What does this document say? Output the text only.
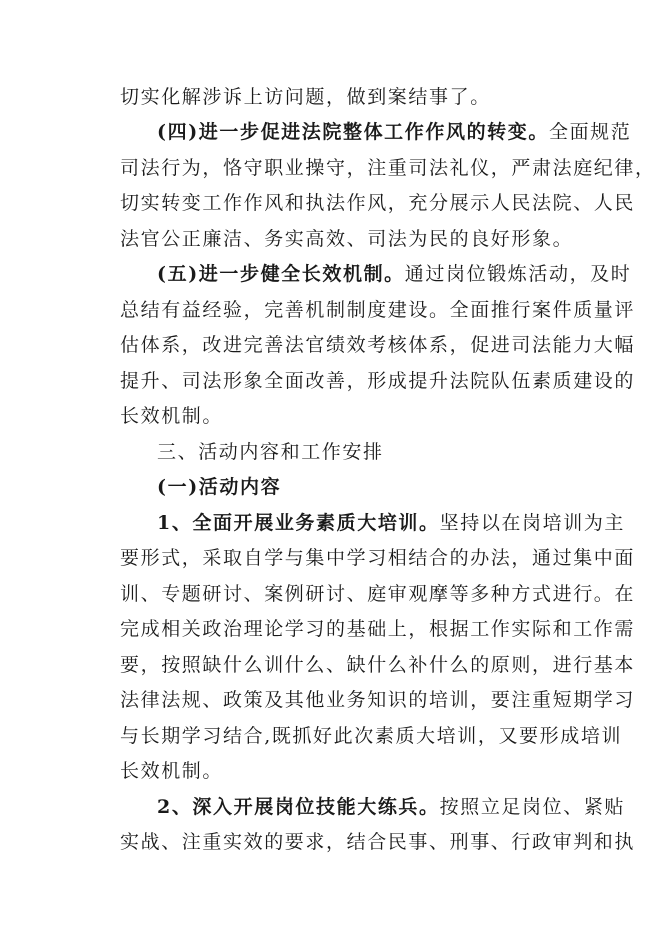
切实化解涉诉上访问题，做到案结事了。
(四)进一步促进法院整体工作作风的转变。全面规范
司法行为，恪守职业操守，注重司法礼仪，严肃法庭纪律，
切实转变工作作风和执法作风，充分展示人民法院、人民
法官公正廉洁、务实高效、司法为民的良好形象。
(五)进一步健全长效机制。通过岗位锻炼活动，及时
总结有益经验，完善机制制度建设。全面推行案件质量评
估体系，改进完善法官绩效考核体系，促进司法能力大幅
提升、司法形象全面改善，形成提升法院队伍素质建设的
长效机制。
三、活动内容和工作安排
(一)活动内容
1、全面开展业务素质大培训。坚持以在岗培训为主
要形式，采取自学与集中学习相结合的办法，通过集中面
训、专题研讨、案例研讨、庭审观摩等多种方式进行。在
完成相关政治理论学习的基础上，根据工作实际和工作需
要，按照缺什么训什么、缺什么补什么的原则，进行基本
法律法规、政策及其他业务知识的培训，要注重短期学习
与长期学习结合,既抓好此次素质大培训，又要形成培训
长效机制。
2、深入开展岗位技能大练兵。按照立足岗位、紧贴
实战、注重实效的要求，结合民事、刑事、行政审判和执
